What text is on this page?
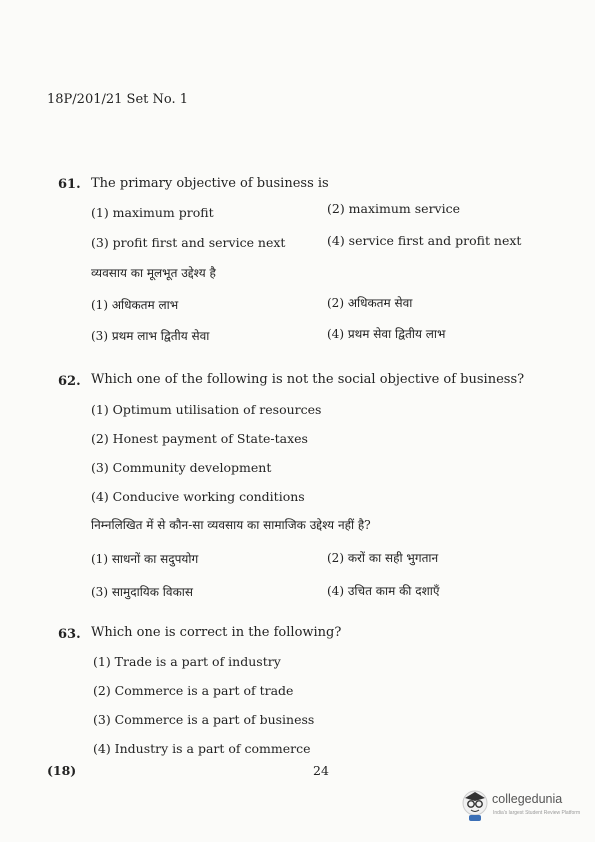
18P/201/21 Set No. 1
61. The primary objective of business is
(1) maximum profit	(2) maximum service
(3) profit first and service next	(4) service first and profit next
व्यवसाय का मूलभूत उद्देश्य है
(1) अधिकतम लाभ	(2) अधिकतम सेवा
(3) प्रथम लाभ द्वितीय सेवा	(4) प्रथम सेवा द्वितीय लाभ
62. Which one of the following is not the social objective of business?
(1) Optimum utilisation of resources
(2) Honest payment of State-taxes
(3) Community development
(4) Conducive working conditions
निम्नलिखित में से कौन-सा व्यवसाय का सामाजिक उद्देश्य नहीं है?
(1) साधनों का सदुपयोग	(2) करों का सही भुगतान
(3) सामुदायिक विकास	(4) उचित काम की दशाएँ
63. Which one is correct in the following?
(1) Trade is a part of industry
(2) Commerce is a part of trade
(3) Commerce is a part of business
(4) Industry is a part of commerce
(18)	24
collegedunia
India's largest Student Review Platform
